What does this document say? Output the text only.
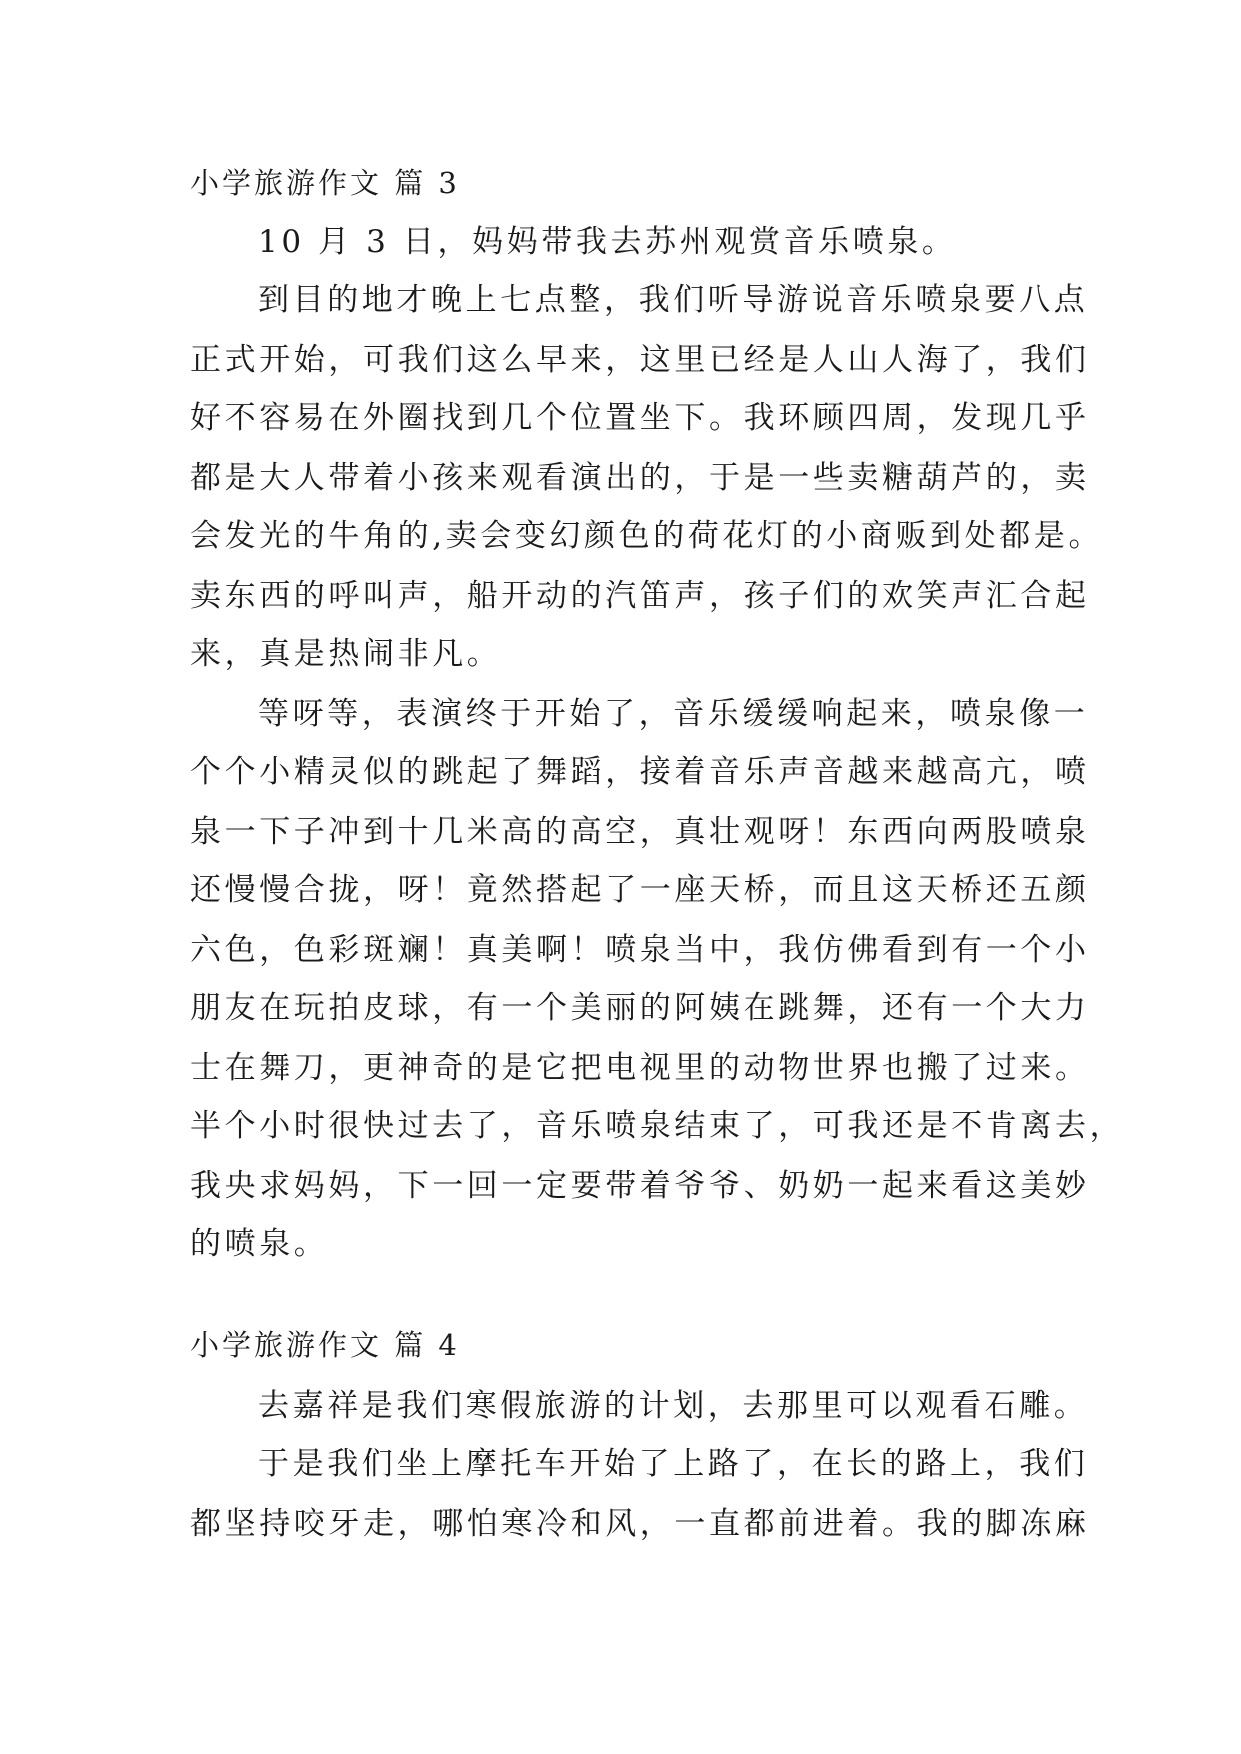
小学旅游作文 篇 3
10 月 3 日，妈妈带我去苏州观赏音乐喷泉。
到目的地才晚上七点整，我们听导游说音乐喷泉要八点
正式开始，可我们这么早来，这里已经是人山人海了，我们
好不容易在外圈找到几个位置坐下。我环顾四周，发现几乎
都是大人带着小孩来观看演出的，于是一些卖糖葫芦的，卖
会发光的牛角的,卖会变幻颜色的荷花灯的小商贩到处都是。
卖东西的呼叫声，船开动的汽笛声，孩子们的欢笑声汇合起
来，真是热闹非凡。
等呀等，表演终于开始了，音乐缓缓响起来，喷泉像一
个个小精灵似的跳起了舞蹈，接着音乐声音越来越高亢，喷
泉一下子冲到十几米高的高空，真壮观呀！东西向两股喷泉
还慢慢合拢，呀！竟然搭起了一座天桥，而且这天桥还五颜
六色，色彩斑斓！真美啊！喷泉当中，我仿佛看到有一个小
朋友在玩拍皮球，有一个美丽的阿姨在跳舞，还有一个大力
士在舞刀，更神奇的是它把电视里的动物世界也搬了过来。
半个小时很快过去了，音乐喷泉结束了，可我还是不肯离去，
我央求妈妈，下一回一定要带着爷爷、奶奶一起来看这美妙
的喷泉。
小学旅游作文 篇 4
去嘉祥是我们寒假旅游的计划，去那里可以观看石雕。
于是我们坐上摩托车开始了上路了，在长的路上，我们
都坚持咬牙走，哪怕寒冷和风，一直都前进着。我的脚冻麻
